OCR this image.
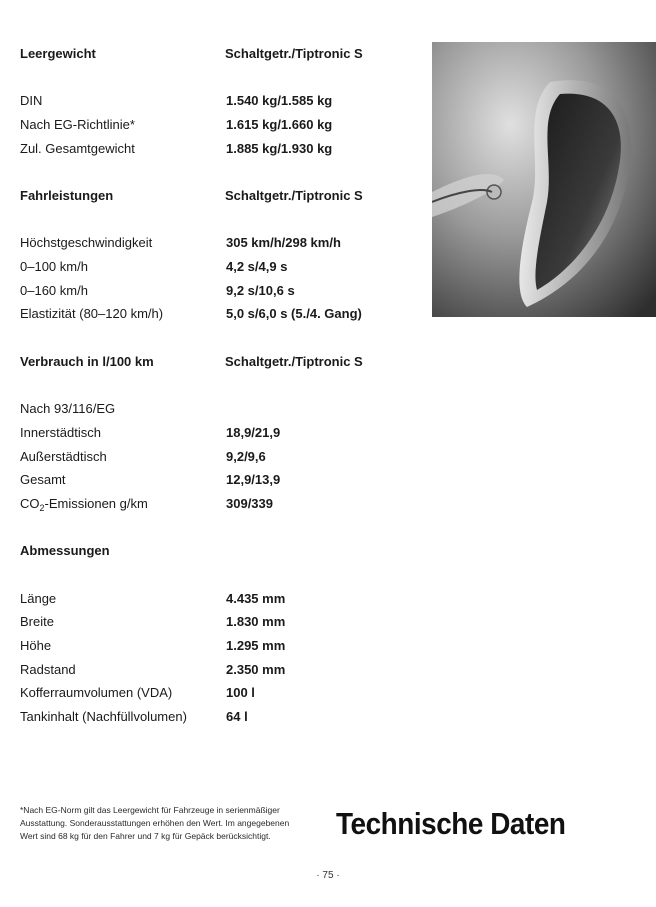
Leergewicht	Schaltgetr./Tiptronic S
DIN	1.540 kg/1.585 kg
Nach EG-Richtlinie*	1.615 kg/1.660 kg
Zul. Gesamtgewicht	1.885 kg/1.930 kg
Fahrleistungen	Schaltgetr./Tiptronic S
Höchstgeschwindigkeit	305 km/h/298 km/h
0–100 km/h	4,2 s/4,9 s
0–160 km/h	9,2 s/10,6 s
Elastizität (80–120 km/h)	5,0 s/6,0 s (5./4. Gang)
Verbrauch in l/100 km	Schaltgetr./Tiptronic S
Nach 93/116/EG
Innerstädtisch	18,9/21,9
Außerstädtisch	9,2/9,6
Gesamt	12,9/13,9
$CO_2$-Emissionen g/km	309/339
Abmessungen
Länge	4.435 mm
Breite	1.830 mm
Höhe	1.295 mm
Radstand	2.350 mm
Kofferraumvolumen (VDA)	100 l
Tankinhalt (Nachfüllvolumen)	64 l
*Nach EG-Norm gilt das Leergewicht für Fahrzeuge in serienmäßiger
Ausstattung. Sonderausstattungen erhöhen den Wert. Im angegebenen
Wert sind 68 kg für den Fahrer und 7 kg für Gepäck berücksichtigt.	Technische Daten
· 75 ·
